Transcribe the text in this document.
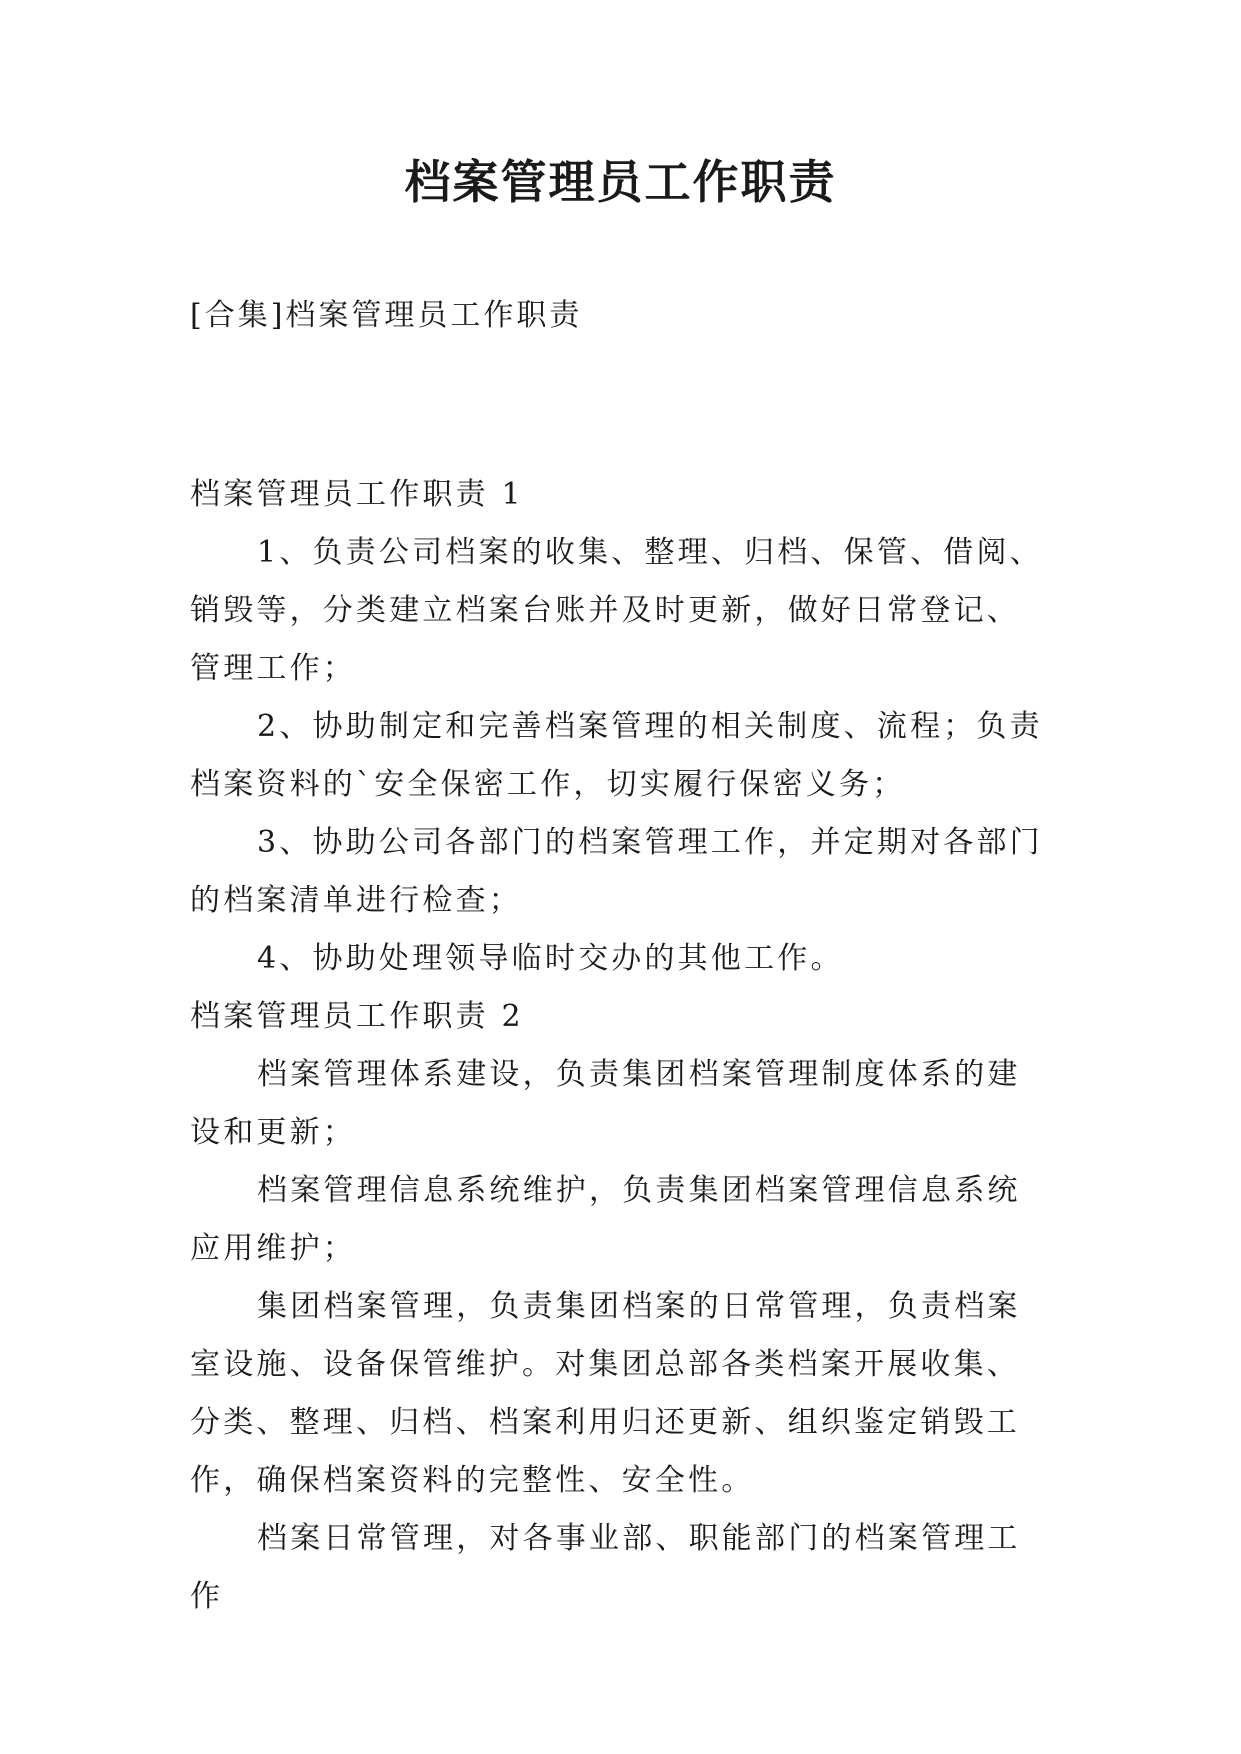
档案管理员工作职责

[合集]档案管理员工作职责

档案管理员工作职责 1

1、负责公司档案的收集、整理、归档、保管、借阅、销毁等，分类建立档案台账并及时更新，做好日常登记、管理工作；

2、协助制定和完善档案管理的相关制度、流程；负责档案资料的`安全保密工作，切实履行保密义务；

3、协助公司各部门的档案管理工作，并定期对各部门的档案清单进行检查；

4、协助处理领导临时交办的其他工作。

档案管理员工作职责 2

档案管理体系建设，负责集团档案管理制度体系的建设和更新；

档案管理信息系统维护，负责集团档案管理信息系统应用维护；

集团档案管理，负责集团档案的日常管理，负责档案室设施、设备保管维护。对集团总部各类档案开展收集、分类、整理、归档、档案利用归还更新、组织鉴定销毁工作，确保档案资料的完整性、安全性。

档案日常管理，对各事业部、职能部门的档案管理工作
